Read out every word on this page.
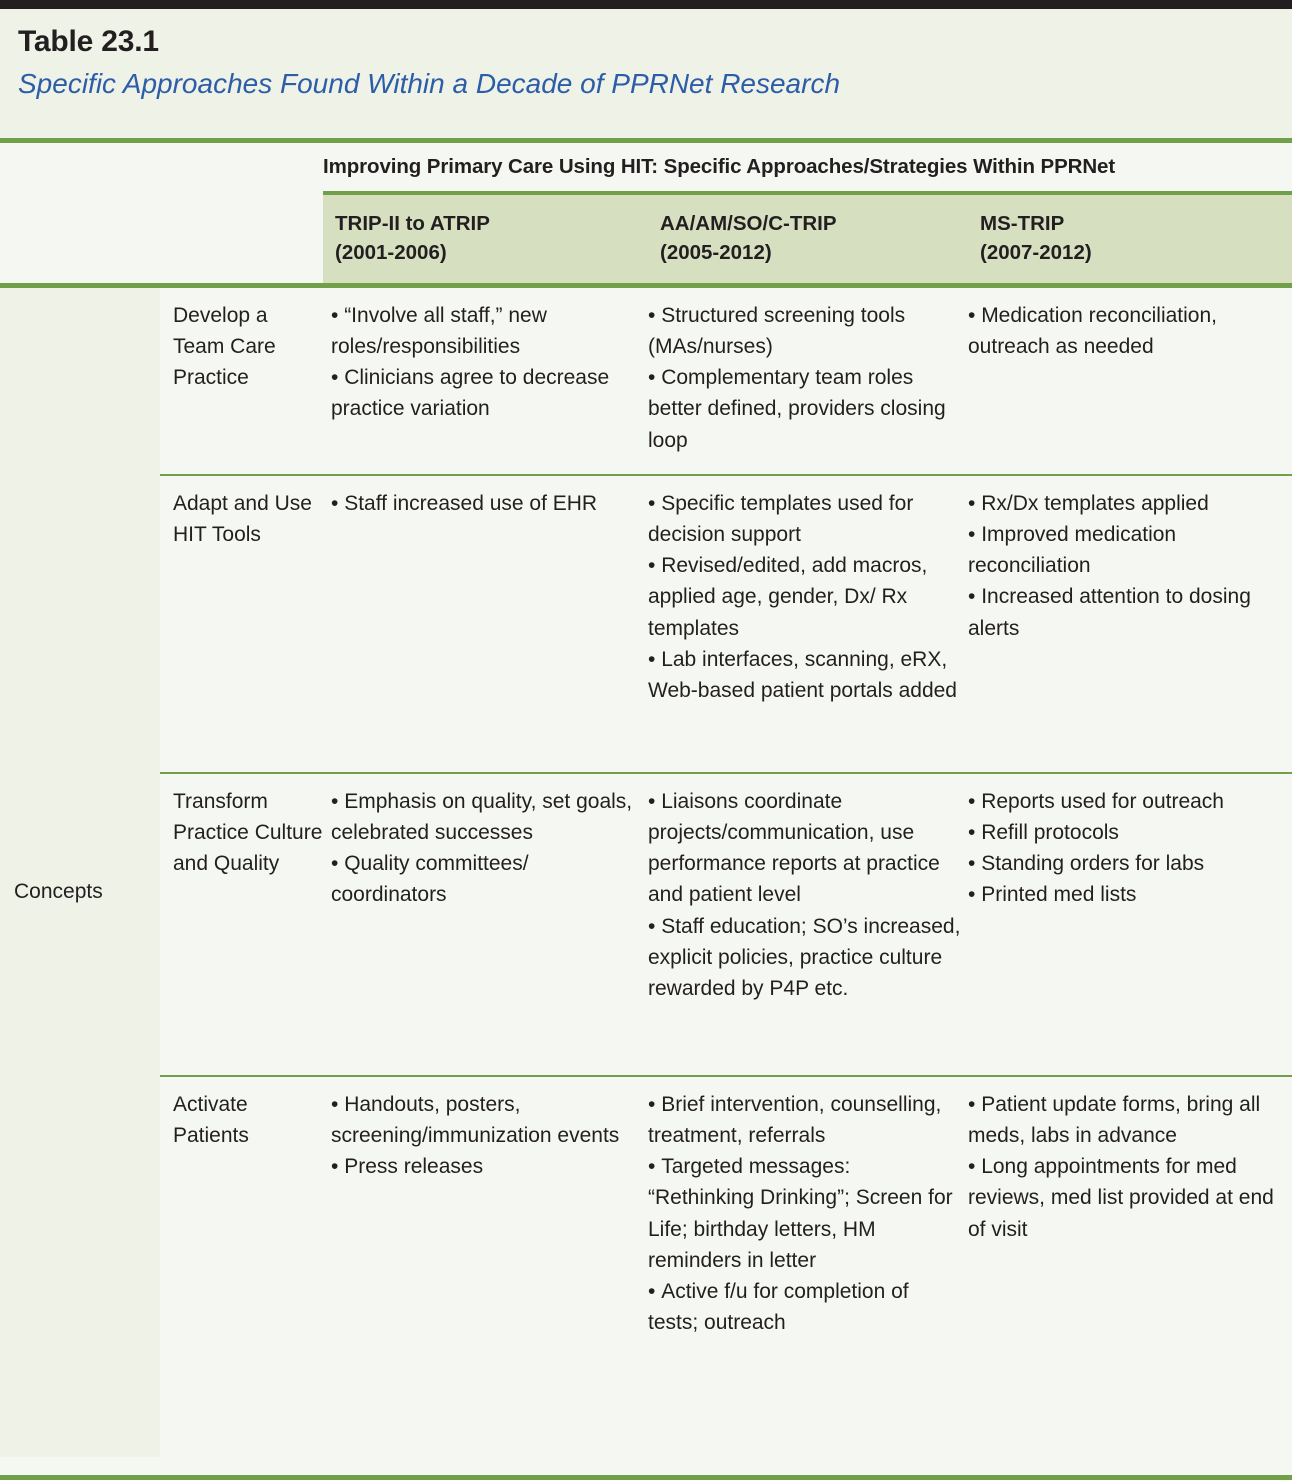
Table 23.1
Specific Approaches Found Within a Decade of PPRNet Research
Improving Primary Care Using HIT: Specific Approaches/Strategies Within PPRNet
TRIP-II to ATRIP
(2001-2006)
AA/AM/SO/C-TRIP
(2005-2012)
MS-TRIP
(2007-2012)
Concepts
Develop a Team Care Practice
• “Involve all staff,” new roles/responsibilities
• Clinicians agree to decrease practice variation
• Structured screening tools (MAs/nurses)
• Complementary team roles better defined, providers closing loop
• Medication reconciliation, outreach as needed
Adapt and Use HIT Tools
• Staff increased use of EHR	• Specific templates used for decision support
• Revised/edited, add macros, applied age, gender, Dx/ Rx templates
• Lab interfaces, scanning, eRX, Web-based patient portals added
• Rx/Dx templates applied
• Improved medication reconciliation
• Increased attention to dosing alerts
Transform Practice Culture and Quality
• Emphasis on quality, set goals, celebrated successes
• Quality committees/ coordinators
• Liaisons coordinate projects/communication, use performance reports at practice and patient level
• Staff education; SO’s increased, explicit policies, practice culture rewarded by P4P etc.
• Reports used for outreach
• Refill protocols
• Standing orders for labs
• Printed med lists
Activate Patients
• Handouts, posters, screening/immunization events
• Press releases
• Brief intervention, counselling, treatment, referrals
• Targeted messages: “Rethinking Drinking”; Screen for Life; birthday letters, HM reminders in letter
• Active f/u for completion of tests; outreach
• Patient update forms, bring all meds, labs in advance
• Long appointments for med reviews, med list provided at end of visit
